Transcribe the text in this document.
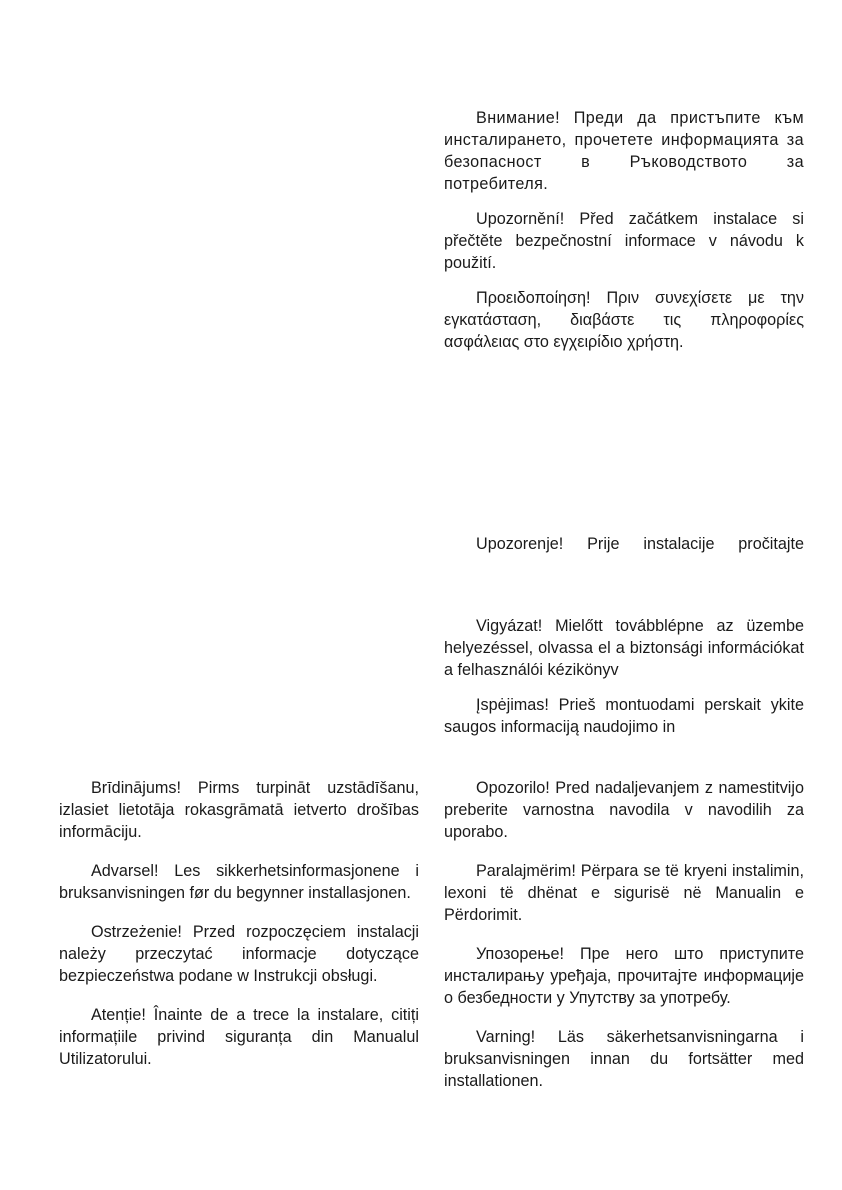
Внимание! Преди да пристъпите към инсталирането, прочетете информацията за безопасност в Ръководството за потребителя.

Upozornění! Před začátkem instalace si přečtěte bezpečnostní informace v návodu k použití.

Προειδοποίηση! Πριν συνεχίσετε με την εγκατάσταση, διαβάστε τις πληροφορίες ασφάλειας στο εγχειρίδιο χρήστη.

Upozorenje! Prije instalacije pročitajte

Vigyázat! Mielőtt továbblépne az üzembe helyezéssel, olvassa el a biztonsági információkat a felhasználói kézikönyv

Įspėjimas! Prieš montuodami perskait ykite saugos informaciją naudojimo in

Brīdinājums! Pirms turpināt uzstādīšanu, izlasiet lietotāja rokasgrāmatā ietverto drošības informāciju.

Advarsel! Les sikkerhetsinformasjonene i bruksanvisningen før du begynner installasjonen.

Ostrzeżenie! Przed rozpoczęciem instalacji należy przeczytać informacje dotyczące bezpieczeństwa podane w Instrukcji obsługi.

Atenție! Înainte de a trece la instalare, citiți informațiile privind siguranța din Manualul Utilizatorului.

Opozorilo! Pred nadaljevanjem z namestitvijo preberite varnostna navodila v navodilih za uporabo.

Paralajmërim! Përpara se të kryeni instalimin, lexoni të dhënat e sigurisë në Manualin e Përdorimit.

Упозорење! Пре него што приступите инсталирању уређаја, прочитајте информације о безбедности у Упутству за употребу.

Varning! Läs säkerhetsanvisningarna i bruksanvisningen innan du fortsätter med installationen.
